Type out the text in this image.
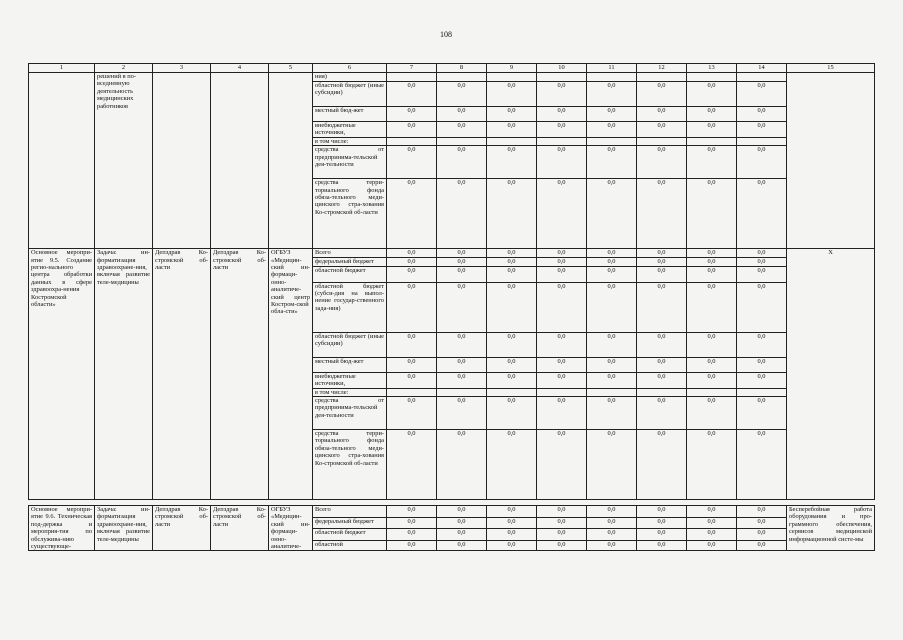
108
1	2	3	4	5	6	7	8	9	10	11	12	13	14	15
	решений в по-вседневную деятельность медицинских работников				ния)									
					областной бюджет (иные субсидии)	0,0	0,0	0,0	0,0	0,0	0,0	0,0	0,0	
					местный бюд-жет	0,0	0,0	0,0	0,0	0,0	0,0	0,0	0,0	
					внебюджетные источники,	0,0	0,0	0,0	0,0	0,0	0,0	0,0	0,0	
					в том числе:									
					средства от предпринима-тельской дея-тельности	0,0	0,0	0,0	0,0	0,0	0,0	0,0	0,0	
					средства терри-ториального фонда обяза-тельного меди-цинского стра-хования Ко-стромской об-ласти	0,0	0,0	0,0	0,0	0,0	0,0	0,0	0,0	
Основное меропри-ятие 9.5. Создание регио-нального центра обработки данных в сфере здравоохра-нения Костромской области»	Задача: ин-форматизация здравоохране-ния, включая развитие теле-медицины	Депздрав Ко-стромской об-ласти	Депздрав Ко-стромской об-ласти	ОГБУЗ «Медицин-ский ин-формаци-онно-аналитиче-ский центр Костром-ской обла-сти»	Всего	0,0	0,0	0,0	0,0	0,0	0,0	0,0	0,0	Х
					федеральный бюджет	0,0	0,0	0,0	0,0	0,0	0,0	0,0	0,0	
					областной бюджет	0,0	0,0	0,0	0,0	0,0	0,0	0,0	0,0	
					областной бюджет (субси-дия на выпол-нение государ-ственного зада-ния)	0,0	0,0	0,0	0,0	0,0	0,0	0,0	0,0	
					областной бюджет (иные субсидии)	0,0	0,0	0,0	0,0	0,0	0,0	0,0	0,0	
					местный бюд-жет	0,0	0,0	0,0	0,0	0,0	0,0	0,0	0,0	
					внебюджетные источники,	0,0	0,0	0,0	0,0	0,0	0,0	0,0	0,0	
					в том числе:									
					средства от предпринима-тельской дея-тельности	0,0	0,0	0,0	0,0	0,0	0,0	0,0	0,0	
					средства терри-ториального фонда обяза-тельного меди-цинского стра-хования Ко-стромской об-ласти	0,0	0,0	0,0	0,0	0,0	0,0	0,0	0,0	

Основное меропри-ятие 9.6. Техническая под-держка и мероприя-тия по обслужива-нию существующе-	Задача: ин-форматизация здравоохране-ния, включая развитие теле-медицины	Депздрав Ко-стромской об-ласти	Депздрав Ко-стромской об-ласти	ОГБУЗ «Медицин-ский ин-формаци-онно-аналитиче-	Всего	0,0	0,0	0,0	0,0	0,0	0,0	0,0	0,0	Бесперебойная работа оборудования и про-граммного обеспечения, сервисов медицинской информационной систе-мы
					федеральный бюджет	0,0	0,0	0,0	0,0	0,0	0,0	0,0	0,0	
					областной бюджет	0,0	0,0	0,0	0,0	0,0	0,0	0,0	0,0	
					областной	0,0	0,0	0,0	0,0	0,0	0,0	0,0	0,0	
